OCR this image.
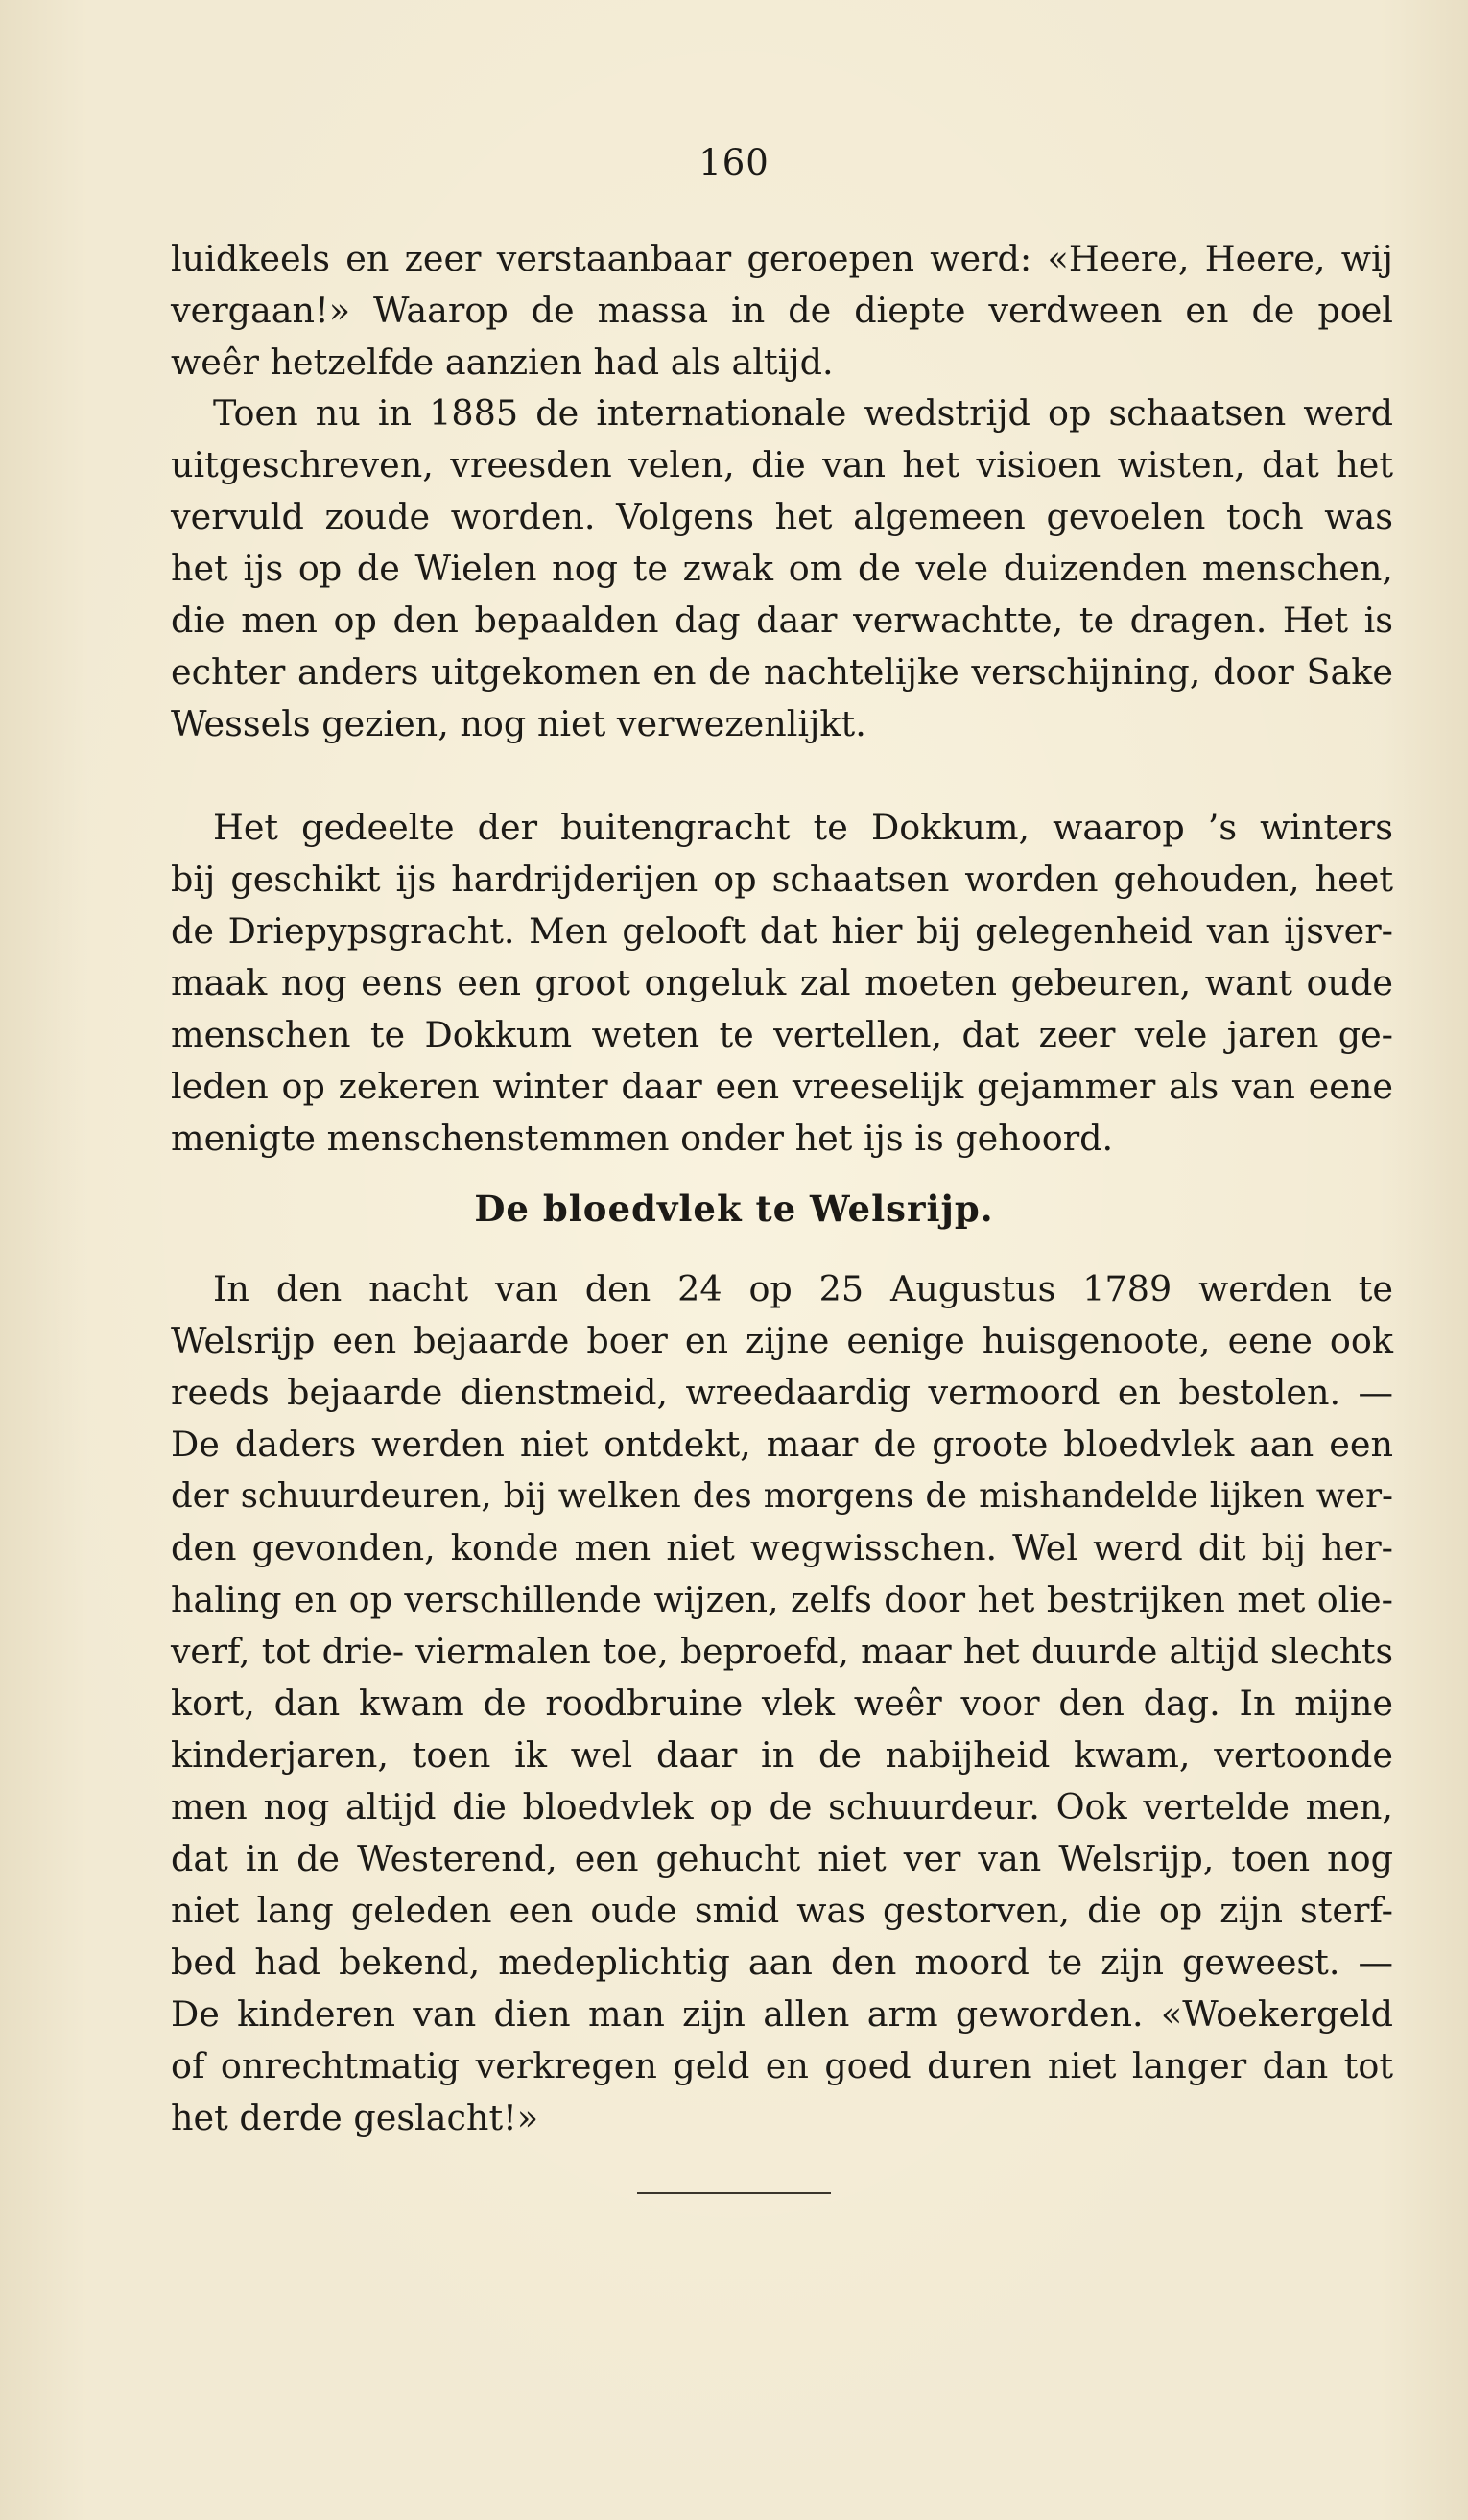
160
luidkeels en zeer verstaanbaar geroepen werd: «Heere, Heere, wij
vergaan!» Waarop de massa in de diepte verdween en de poel
weêr hetzelfde aanzien had als altijd.
Toen nu in 1885 de internationale wedstrijd op schaatsen werd
uitgeschreven, vreesden velen, die van het visioen wisten, dat het
vervuld zoude worden. Volgens het algemeen gevoelen toch was
het ijs op de Wielen nog te zwak om de vele duizenden menschen,
die men op den bepaalden dag daar verwachtte, te dragen. Het is
echter anders uitgekomen en de nachtelijke verschijning, door Sake
Wessels gezien, nog niet verwezenlijkt.
Het gedeelte der buitengracht te Dokkum, waarop ’s winters
bij geschikt ijs hardrijderijen op schaatsen worden gehouden, heet
de Driepypsgracht. Men gelooft dat hier bij gelegenheid van ijsver-
maak nog eens een groot ongeluk zal moeten gebeuren, want oude
menschen te Dokkum weten te vertellen, dat zeer vele jaren ge-
leden op zekeren winter daar een vreeselijk gejammer als van eene
menigte menschenstemmen onder het ijs is gehoord.
De bloedvlek te Welsrijp.
In den nacht van den 24 op 25 Augustus 1789 werden te
Welsrijp een bejaarde boer en zijne eenige huisgenoote, eene ook
reeds bejaarde dienstmeid, wreedaardig vermoord en bestolen. —
De daders werden niet ontdekt, maar de groote bloedvlek aan een
der schuurdeuren, bij welken des morgens de mishandelde lijken wer-
den gevonden, konde men niet wegwisschen. Wel werd dit bij her-
haling en op verschillende wijzen, zelfs door het bestrijken met olie-
verf, tot drie- viermalen toe, beproefd, maar het duurde altijd slechts
kort, dan kwam de roodbruine vlek weêr voor den dag. In mijne
kinderjaren, toen ik wel daar in de nabijheid kwam, vertoonde
men nog altijd die bloedvlek op de schuurdeur. Ook vertelde men,
dat in de Westerend, een gehucht niet ver van Welsrijp, toen nog
niet lang geleden een oude smid was gestorven, die op zijn sterf-
bed had bekend, medeplichtig aan den moord te zijn geweest. —
De kinderen van dien man zijn allen arm geworden. «Woekergeld
of onrechtmatig verkregen geld en goed duren niet langer dan tot
het derde geslacht!»
